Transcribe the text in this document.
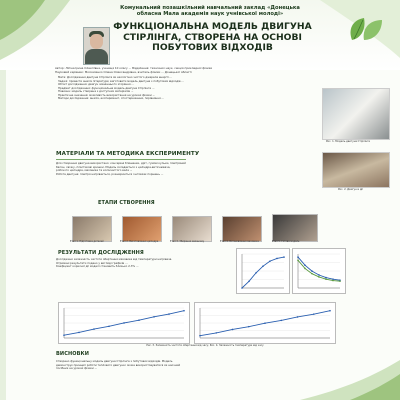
Комунальний позашкільний навчальний заклад «Донецька
обласна Мала академія наук учнівської молоді»
ФУНКЦІОНАЛЬНА МОДЕЛЬ ДВИГУНА
СТІРЛІНГА, СТВОРЕНА НА ОСНОВІ
ПОБУТОВИХ ВІДХОДІВ
Автор: Ліпіна Ірина Олексіївна, учениця 10 класу ... Відділення: технічних наук, секція прикладної фізики
Науковий керівник: Москаленко Олена Олександрівна, вчитель фізики ... Донецької області
Мета: Дослідження двигуна Стірлінга як екологічно чистого джерела енергії ...
Задачі: провести аналіз літератури; виготовити модель двигуна з побутових відходів ...
Об'єкт дослідження: двигун зовнішнього згоряння ...
Предмет дослідження: функціональна модель двигуна Стірлінга ...
Новизна: модель створена з доступних матеріалів ...
Практичне значення: можливість використання на уроках фізики ...
Методи дослідження: аналіз, експеримент, спостереження, порівняння ...
Рис. 1. Модель двигуна Стірлінга
Рис. 2. Двигун в дії
МАТЕРІАЛИ ТА МЕТОДИКА ЕКСПЕРИМЕНТУ
Для створення двигуна використано: консервні бляшанки, дріт, гумові кульки, повітряний
балон, свічку, пластикові кришки. Модель складається з циліндра-витіснювача,
робочого циліндра, маховика та колінчастого вала ...
Робота двигуна: повітря нагрівається, розширюється і штовхає поршень ...
ЕТАПИ СТВОРЕННЯ
Етап 1. Підготовка деталей	Етап 2. Виготовлення циліндра	Етап 3. Збирання механізму	Етап 4. Встановлення маховика	Етап 5. Готова модель
РЕЗУЛЬТАТИ ДОСЛІДЖЕННЯ
Досліджено залежність частоти обертання маховика від температури нагрівача.
Отримані результати подано у вигляді графіків ...
Коефіцієнт корисної дії моделі становить близько 2-3% ...
Рис. 3. Залежність частоти обертання від часу; Рис. 4. Залежність температури від часу
ВИСНОВКИ
Створено функціональну модель двигуна Стірлінга з побутових відходів. Модель
демонструє принцип роботи теплового двигуна і може використовуватися як наочний
посібник на уроках фізики ...
